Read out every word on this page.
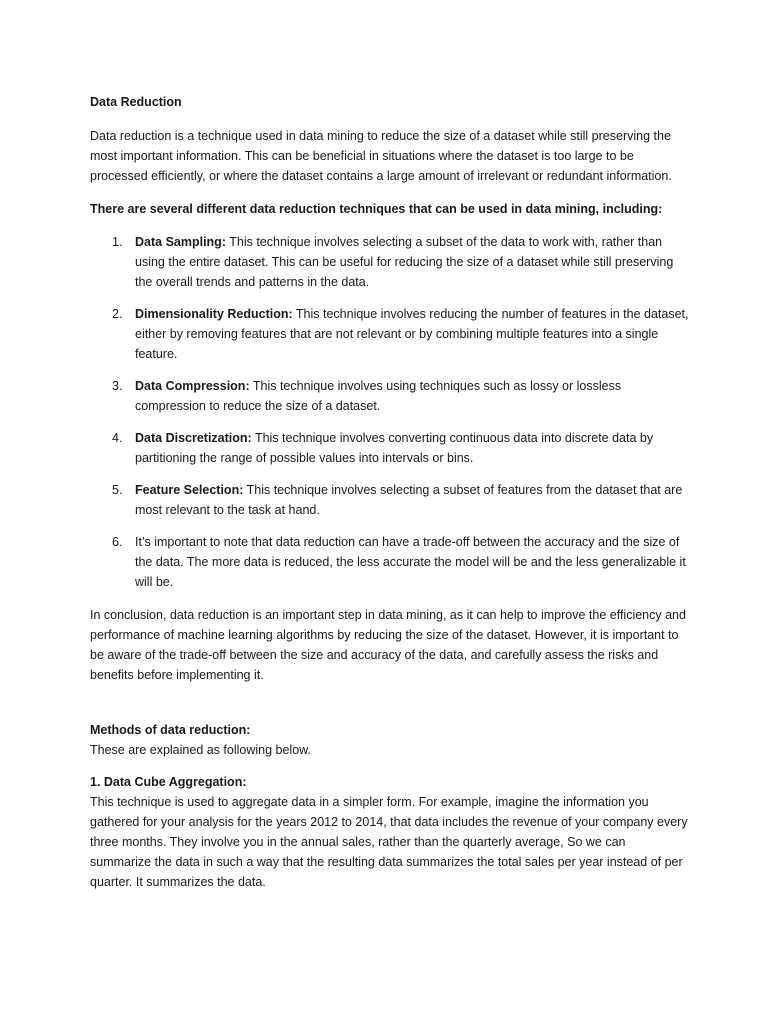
Data Reduction

Data reduction is a technique used in data mining to reduce the size of a dataset while still preserving the most important information. This can be beneficial in situations where the dataset is too large to be processed efficiently, or where the dataset contains a large amount of irrelevant or redundant information.

There are several different data reduction techniques that can be used in data mining, including:

1. Data Sampling: This technique involves selecting a subset of the data to work with, rather than using the entire dataset. This can be useful for reducing the size of a dataset while still preserving the overall trends and patterns in the data.
2. Dimensionality Reduction: This technique involves reducing the number of features in the dataset, either by removing features that are not relevant or by combining multiple features into a single feature.
3. Data Compression: This technique involves using techniques such as lossy or lossless compression to reduce the size of a dataset.
4. Data Discretization: This technique involves converting continuous data into discrete data by partitioning the range of possible values into intervals or bins.
5. Feature Selection: This technique involves selecting a subset of features from the dataset that are most relevant to the task at hand.
6. It’s important to note that data reduction can have a trade-off between the accuracy and the size of the data. The more data is reduced, the less accurate the model will be and the less generalizable it will be.

In conclusion, data reduction is an important step in data mining, as it can help to improve the efficiency and performance of machine learning algorithms by reducing the size of the dataset. However, it is important to be aware of the trade-off between the size and accuracy of the data, and carefully assess the risks and benefits before implementing it.

Methods of data reduction:

These are explained as following below.

1. Data Cube Aggregation:

This technique is used to aggregate data in a simpler form. For example, imagine the information you gathered for your analysis for the years 2012 to 2014, that data includes the revenue of your company every three months. They involve you in the annual sales, rather than the quarterly average, So we can summarize the data in such a way that the resulting data summarizes the total sales per year instead of per quarter. It summarizes the data.
